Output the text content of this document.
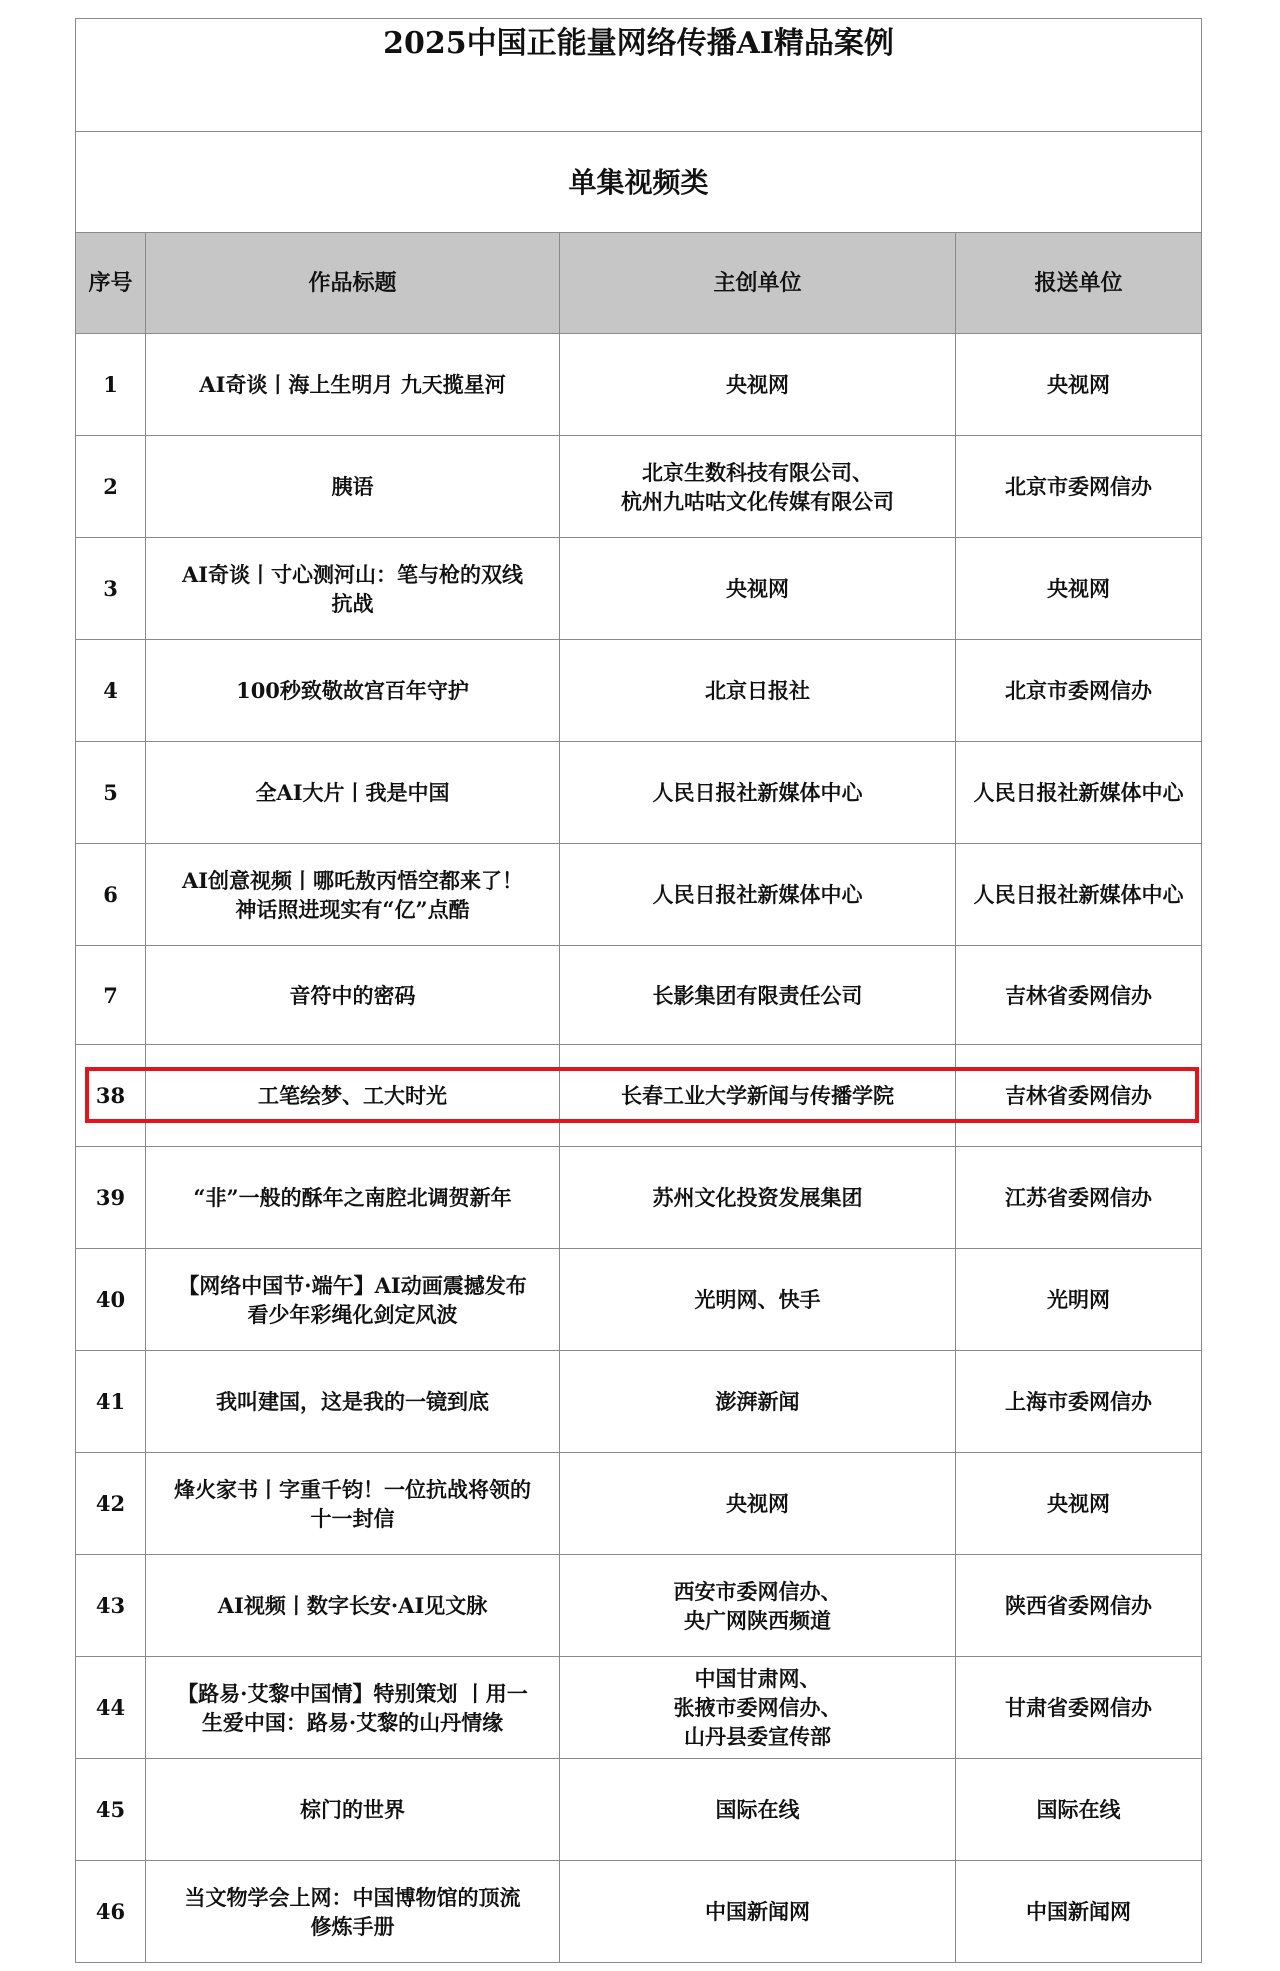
2025中国正能量网络传播AI精品案例			
单集视频类			
序号	作品标题	主创单位	报送单位

1	AI奇谈丨海上生明月 九天揽星河	央视网	央视网

2	胰语	北京生数科技有限公司、
杭州九咕咕文化传媒有限公司	北京市委网信办

3	AI奇谈丨寸心测河山：笔与枪的双线
抗战	央视网	央视网

4	100秒致敬故宫百年守护	北京日报社	北京市委网信办

5	全AI大片丨我是中国	人民日报社新媒体中心	人民日报社新媒体中心

6	AI创意视频丨哪吒敖丙悟空都来了！
神话照进现实有“亿”点酷	人民日报社新媒体中心	人民日报社新媒体中心

7	音符中的密码	长影集团有限责任公司	吉林省委网信办

38	工笔绘梦、工大时光	长春工业大学新闻与传播学院	吉林省委网信办

39	“非”一般的酥年之南腔北调贺新年	苏州文化投资发展集团	江苏省委网信办

40	【网络中国节·端午】AI动画震撼发布
看少年彩绳化剑定风波	光明网、快手	光明网

41	我叫建国，这是我的一镜到底	澎湃新闻	上海市委网信办

42	烽火家书丨字重千钧！一位抗战将领的
十一封信	央视网	央视网

43	AI视频丨数字长安·AI见文脉	西安市委网信办、
央广网陕西频道	陕西省委网信办

44	【路易·艾黎中国情】特别策划 丨用一
生爱中国：路易·艾黎的山丹情缘	中国甘肃网、
张掖市委网信办、
山丹县委宣传部	甘肃省委网信办

45	棕门的世界	国际在线	国际在线

46	当文物学会上网：中国博物馆的顶流
修炼手册	中国新闻网	中国新闻网
